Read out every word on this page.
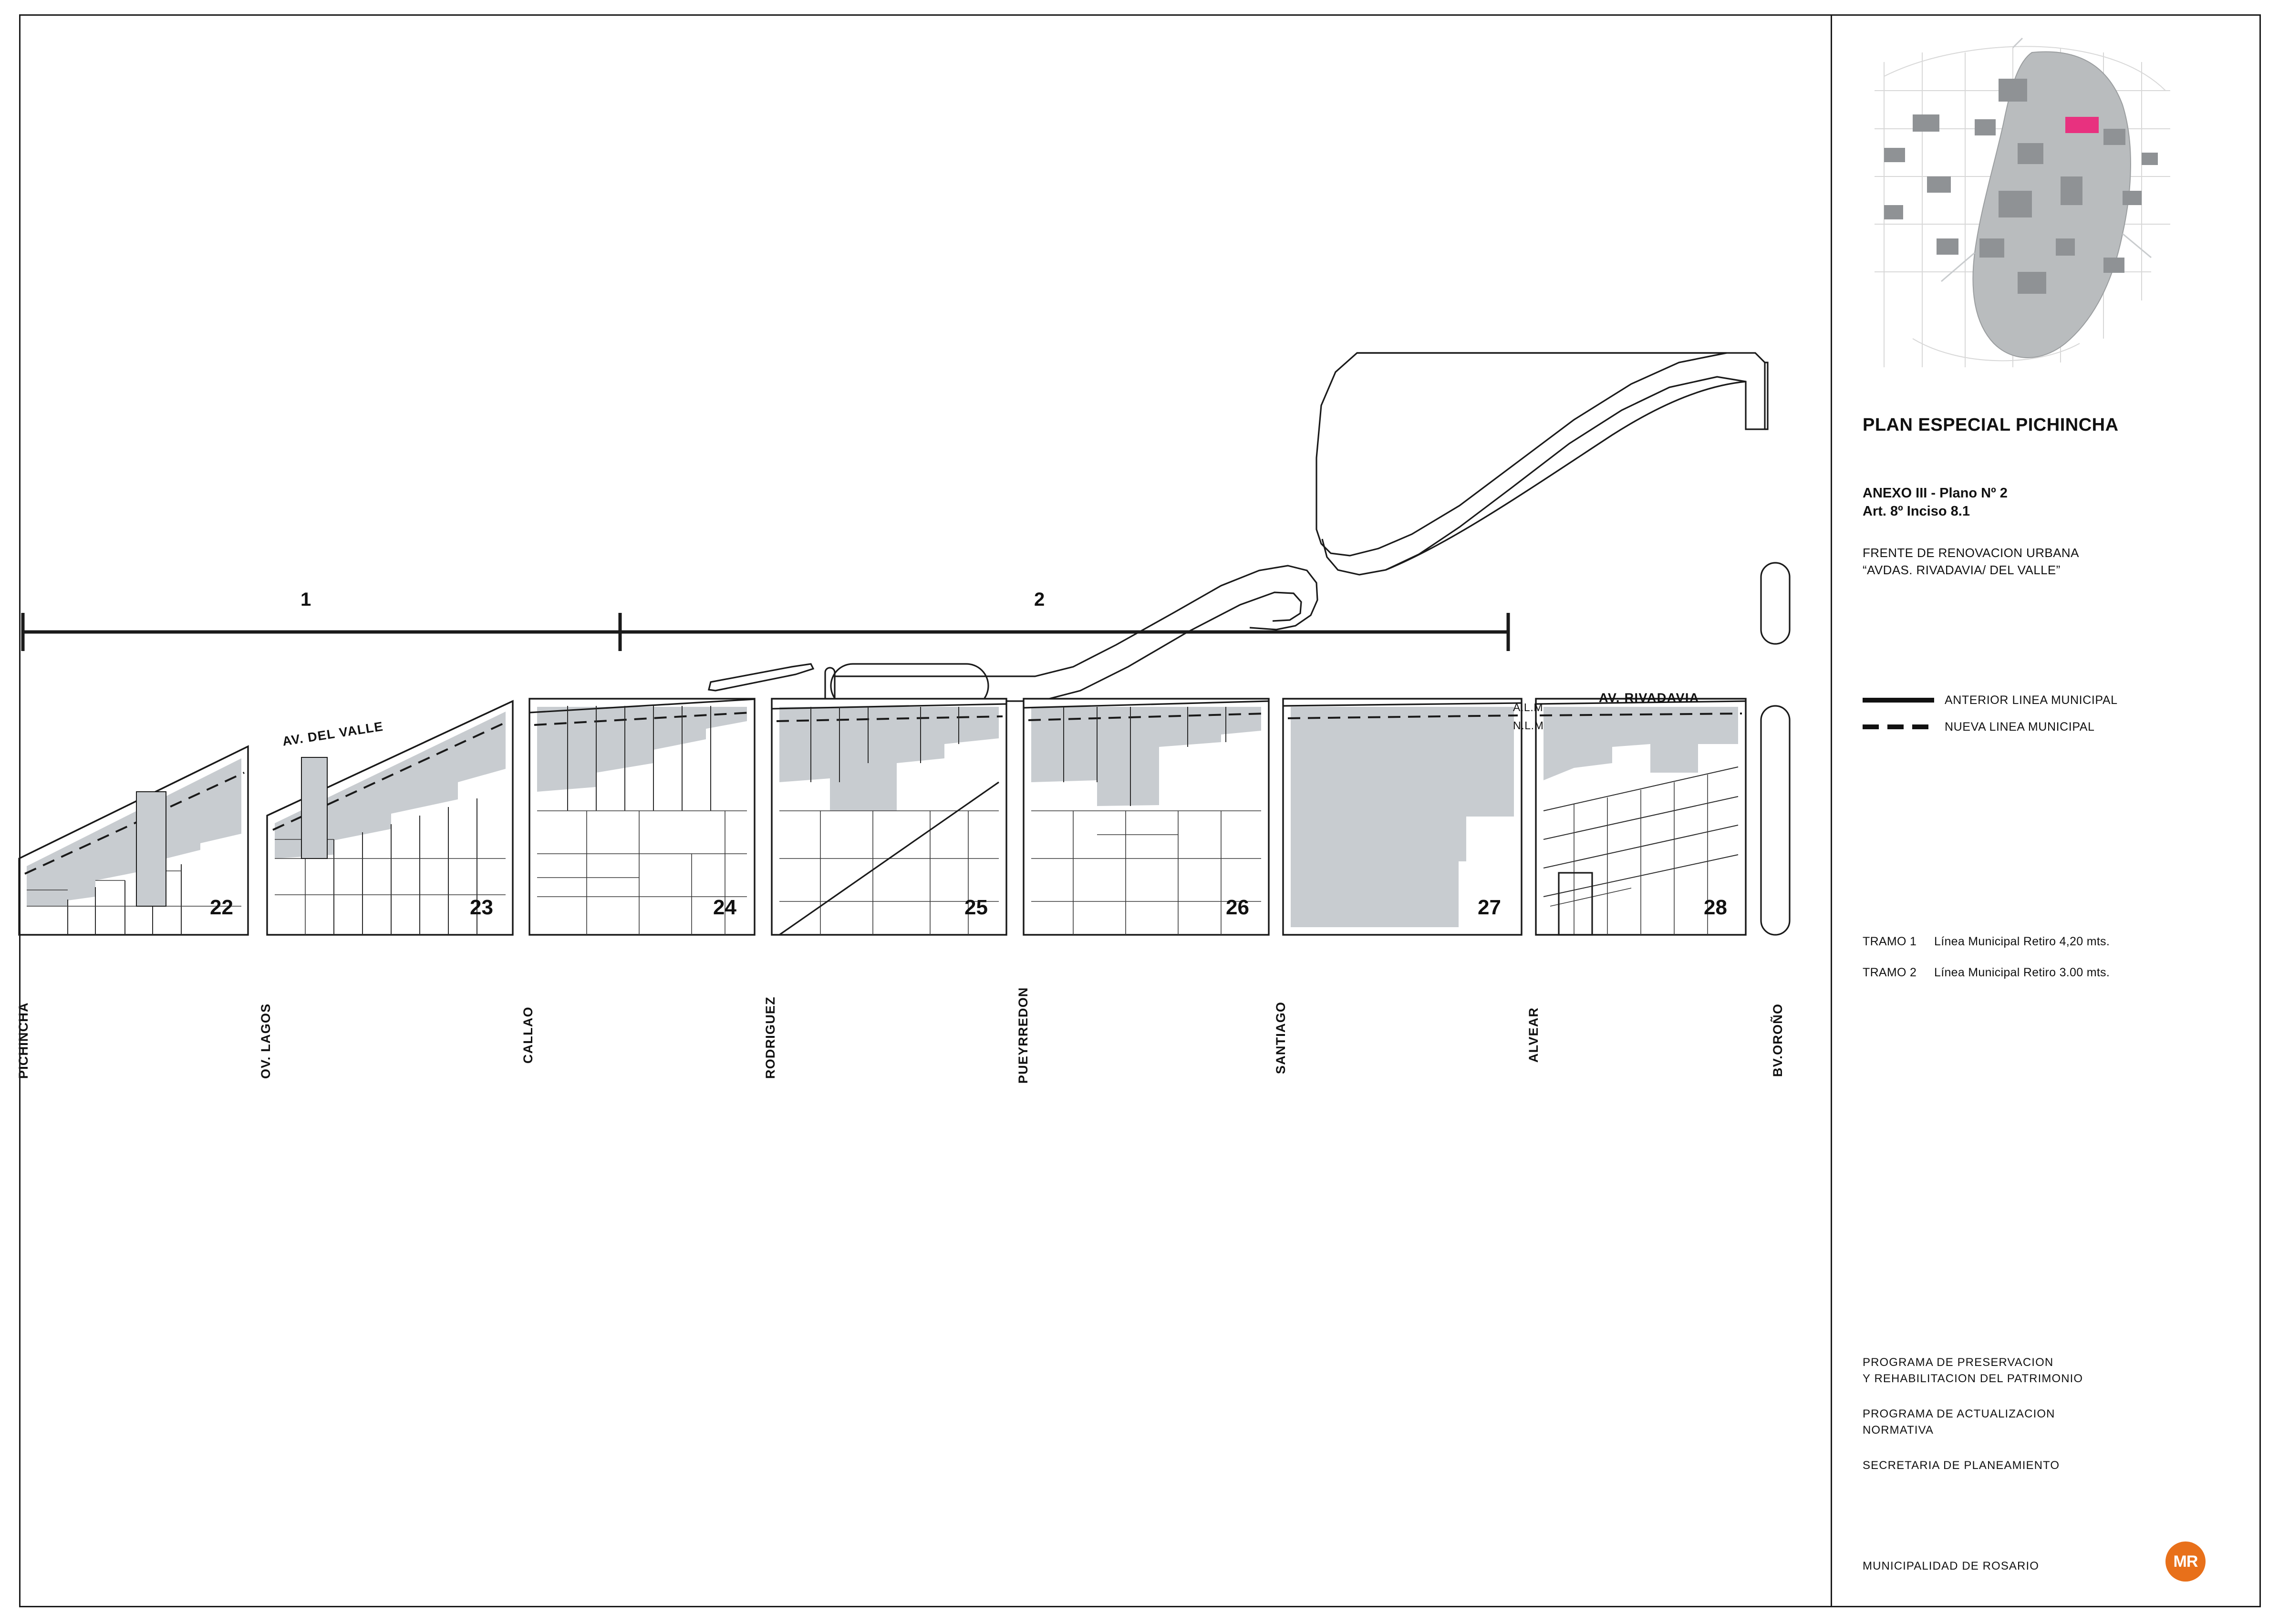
1	2
AV. DEL VALLE
AV. RIVADAVIA
A.L.M
N.L.M
22	23	24	25	26	27	28
PICHINCHA	OV. LAGOS	CALLAO	RODRIGUEZ	PUEYRREDON	SANTIAGO	ALVEAR	BV.OROÑO
PLAN ESPECIAL PICHINCHA
ANEXO III - Plano Nº 2
Art. 8º Inciso 8.1
FRENTE DE RENOVACION URBANA
“AVDAS. RIVADAVIA/ DEL VALLE”
ANTERIOR LINEA MUNICIPAL
NUEVA LINEA MUNICIPAL
TRAMO 1	Línea Municipal Retiro 4,20 mts.
TRAMO 2	Línea Municipal Retiro 3.00 mts.
PROGRAMA DE PRESERVACION
Y REHABILITACION DEL PATRIMONIO
PROGRAMA DE ACTUALIZACION
NORMATIVA
SECRETARIA DE PLANEAMIENTO
MUNICIPALIDAD DE ROSARIO	MR
